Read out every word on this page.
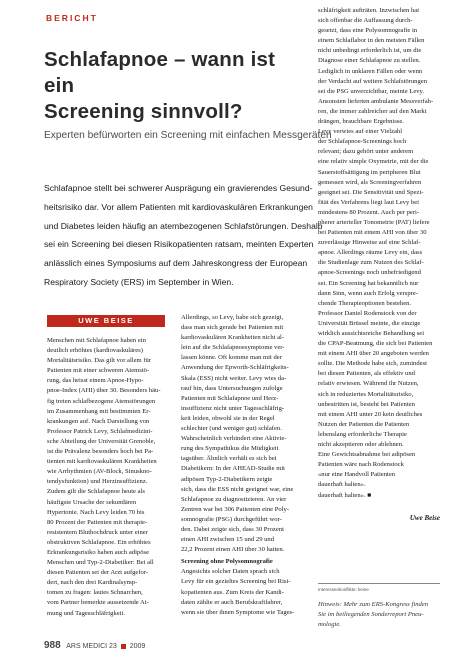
BERICHT
Schlafapnoe – wann ist ein
Screening sinnvoll?
Experten befürworten ein Screening mit einfachen Messgeräten
Schlafapnoe stellt bei schwerer Ausprägung ein gravierendes Gesund-
heitsrisiko dar. Vor allem Patienten mit kardiovaskulären Erkrankungen
und Diabetes leiden häufig an atembezogenen Schlafstörungen. Deshalb
sei ein Screening bei diesen Risikopatienten ratsam, meinten Experten
anlässlich eines Symposiums auf dem Jahreskongress der European
Respiratory Society (ERS) im September in Wien.
UWE BEISE
Menschen mit Schlafapnoe haben ein
deutlich erhöhtes (kardiovaskuläres)
Mortalitätsrisiko. Das gilt vor allem für
Patienten mit einer schweren Atemstö-
rung, das heisst einem Apnoe-Hypo-
pnoe-Index (AHI) über 30. Besonders häu-
fig treten schlafbezogene Atemstörungen
im Zusammenhang mit bestimmten Er-
krankungen auf. Nach Darstellung von
Professor Patrick Levy, Schlafmedizini-
sche Abteilung der Universität Grenoble,
ist die Prävalenz besonders hoch bei Pa-
tienten mit kardiovaskulären Krankheiten
wie Arrhythmien (AV-Block, Sinuskno-
tendysfunktion) und Herzinsuffizienz.
Zudem gilt die Schlafapnoe heute als
häufigste Ursache der sekundären
Hypertonie. Nach Levy leiden 70 bis
80 Prozent der Patienten mit therapie-
resistentem Bluthochdruck unter einer
obstruktiven Schlafapnoe. Ein erhöhtes
Erkrankungsrisiko haben auch adipöse
Menschen und Typ-2-Diabetiker: Bei all
diesen Patienten sei der Arzt aufgefor-
dert, nach den drei Kardinalsymp-
tomen zu fragen: lautes Schnarchen,
vom Partner bemerkte aussetzende At-
mung und Tagesschläfrigkeit.
Allerdings, so Levy, habe sich gezeigt,
dass man sich gerade bei Patienten mit
kardiovaskulären Krankheiten nicht al-
lein auf die Schlafapnoesymptome ver-
lassen könne. Oft komme man mit der
Anwendung der Epworth-Schläfrigkeits-
Skala (ESS) nicht weiter. Levy wies da-
rauf hin, dass Untersuchungen zufolge
Patienten mit Schlafapnoe und Herz-
insuffizienz nicht unter Tagesschläfrig-
keit leiden, obwohl sie in der Regel
schlechter (und weniger gut) schlafen.
Wahrscheinlich verhindert eine Aktivie-
rung des Sympathikus die Müdigkeit
tagsüber. Ähnlich verhält es sich bei
Diabetikern: In der AHEAD-Studie mit
adipösen Typ-2-Diabetikern zeigte
sich, dass die ESS nicht geeignet war, eine
Schlafapnoe zu diagnostizieren. An vier
Zentren war bei 306 Patienten eine Poly-
somnografie (PSG) durchgeführt wor-
den. Dabei zeigte sich, dass 30 Prozent
einen AHI zwischen 15 und 29 und
22,2 Prozent einen AHI über 30 hatten.
Screening ohne Polysomnografie
Angesichts solcher Daten sprach sich
Levy für ein gezieltes Screening bei Risi-
kopatienten aus. Zum Kreis der Kandi-
daten zählte er auch Berufskraftfahrer,
wenn sie über ihnen Symptome wie Tages-
schläfrigkeit aufträten. Inzwischen hat
sich offenbar die Auffassung durch-
gesetzt, dass eine Polysomnografie in
einem Schlaflabor in den meisten Fällen
nicht unbedingt erforderlich ist, um die
Diagnose einer Schlafapnoe zu stellen.
Lediglich in unklaren Fällen oder wenn
der Verdacht auf weitere Schlafstörungen
sei die PSG unverzichtbar, meinte Levy.
Ansonsten lieferten ambulante Messverfah-
ren, die immer zahlreicher auf den Markt
drängen, brauchbare Ergebnisse.
Levy verwies auf einer Vielzahl
der Schlafapnoe-Screenings hoch
relevant; dazu gehört unter anderem
eine relativ simple Oxymetrie, mit der die
Sauerstoffsättigung im peripheren Blut
gemessen wird, als Screeningverfahren
geeignet sei. Die Sensitivität und Spezi-
fität des Verfahrens liegt laut Levy bei
mindestens 80 Prozent. Auch per peri-
pherer arterieller Tonometrie (PAT) liefere
bei Patienten mit einem AHI von über 30
zuverlässige Hinweise auf eine Schlaf-
apnoe. Allerdings räume Levy ein, dass
die Studienlage zum Nutzen des Schlaf-
apnoe-Screenings noch unbefriedigend
sei. Ein Screening hat bekanntlich nur
dann Sinn, wenn auch Erfolg verspre-
chende Therapieoptionen bestehen.
Professor Daniel Rodenstock von der
Universität Brüssel meinte, die einzige
wirklich aussichtsreiche Behandlung sei
die CPAP-Beatmung, die sich bei Patienten
mit einem AHI über 20 angeboten werden
sollte. Die Methode habe sich, zumindest
bei diesen Patienten, als effektiv und
relativ erwiesen. Während ihr Nutzen,
sich in reduziertes Mortalitätsrisiko,
unbestritten ist, besteht bei Patienten
mit einem AHI unter 20 kein deutliches
Nutzen der Patienten die Patienten
lebenslang erforderliche Therapie
nicht akzeptieren oder ablehnen.
Eine Gewichtsabnahme bei adipösen
Patienten wäre nach Rodenstock
«nur eine Handvoll Patienten
dauerhaft halten».
dauerhaft halten». ■
Uwe Beise
Interessenkonflikte: keine
Hinweis: Mehr zum ERS-Kongress finden
Sie im beiliegenden Sonderreport Pneu-
mologie.
988 ARS MEDICI 23 2009
